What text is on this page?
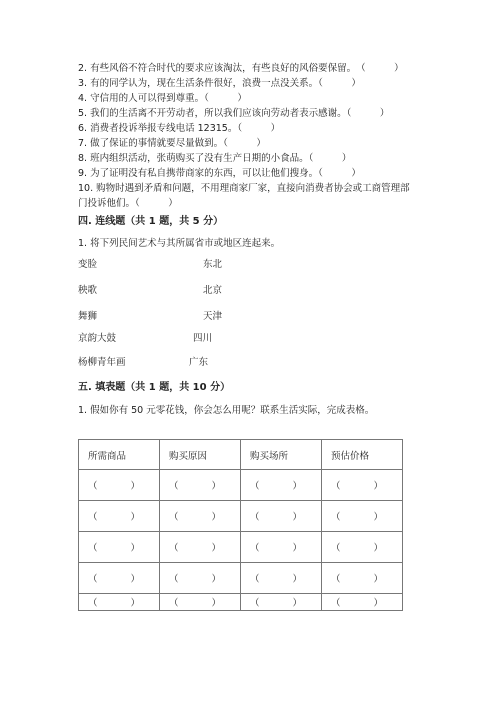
2. 有些风俗不符合时代的要求应该淘汰，有些良好的风俗要保留。　（　　　）
3. 有的同学认为，现在生活条件很好，浪费一点没关系。（　　　）
4. 守信用的人可以得到尊重。（　　　）
5. 我们的生活离不开劳动者，所以我们应该向劳动者表示感谢。（　　　）
6. 消费者投诉举报专线电话 12315。（　　　）
7. 做了保证的事情就要尽量做到。（　　　）
8. 班内组织活动，张萌购买了没有生产日期的小食品。（　　　）
9. 为了证明没有私自携带商家的东西，可以让他们搜身。（　　　）
10. 购物时遇到矛盾和问题，不用理商家厂家，直接向消费者协会或工商管理部
门投诉他们。（　　　）
四. 连线题（共 1 题，共 5 分）
1. 将下列民间艺术与其所属省市或地区连起来。
变脸
秧歌
舞狮
京韵大鼓
杨柳青年画
东北
北京
天津
四川
广东
五. 填表题（共 1 题，共 10 分）
1. 假如你有 50 元零花钱，你会怎么用呢？联系生活实际，完成表格。
所需商品	购买原因	购买场所	预估价格

（ ）	（ ）	（ ）	（ ）

（ ）	（ ）	（ ）	（ ）

（ ）	（ ）	（ ）	（ ）

（ ）	（ ）	（ ）	（ ）

（ ）	（ ）	（ ）	（ ）
